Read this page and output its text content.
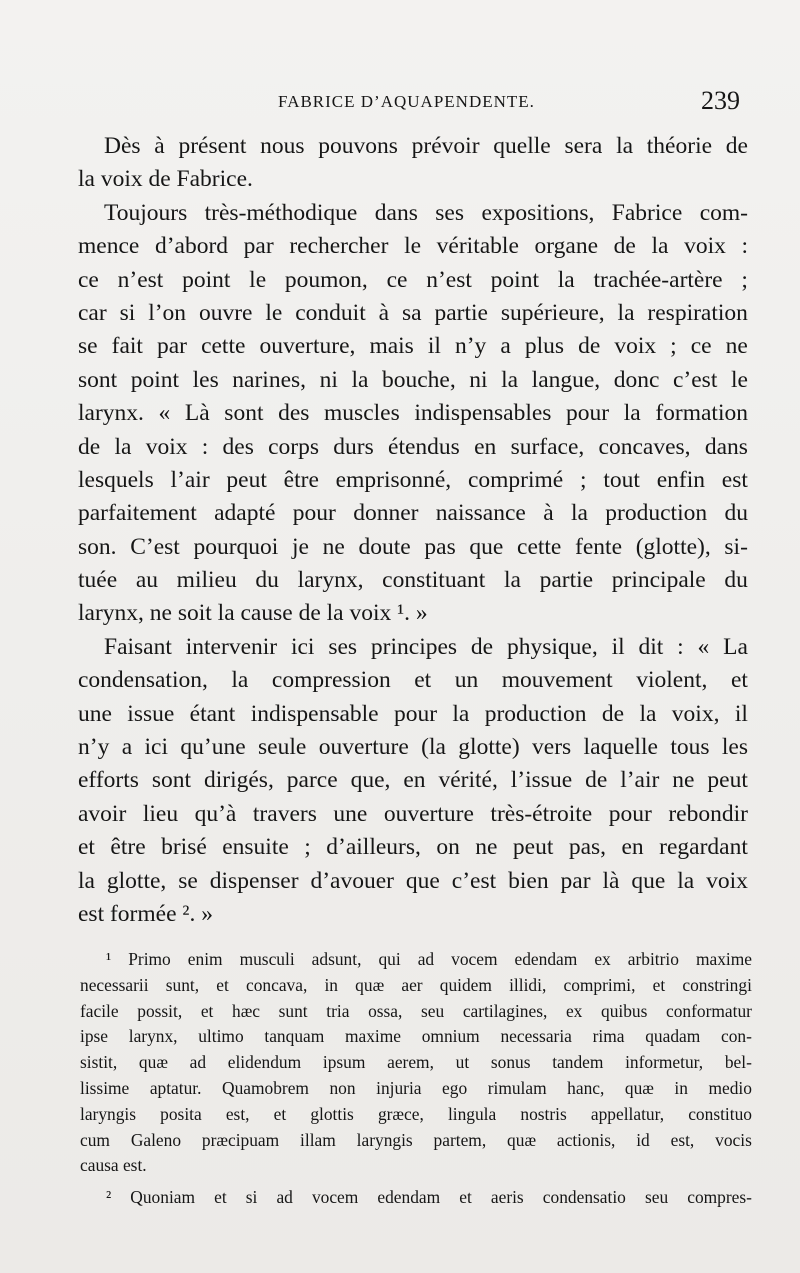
FABRICE D’AQUAPENDENTE.	239
Dès à présent nous pouvons prévoir quelle sera la théorie de
la voix de Fabrice.
Toujours très-méthodique dans ses expositions, Fabrice com-
mence d’abord par rechercher le véritable organe de la voix :
ce n’est point le poumon, ce n’est point la trachée-artère ;
car si l’on ouvre le conduit à sa partie supérieure, la respiration
se fait par cette ouverture, mais il n’y a plus de voix ; ce ne
sont point les narines, ni la bouche, ni la langue, donc c’est le
larynx. « Là sont des muscles indispensables pour la formation
de la voix : des corps durs étendus en surface, concaves, dans
lesquels l’air peut être emprisonné, comprimé ; tout enfin est
parfaitement adapté pour donner naissance à la production du
son. C’est pourquoi je ne doute pas que cette fente (glotte), si-
tuée au milieu du larynx, constituant la partie principale du
larynx, ne soit la cause de la voix ¹. »
Faisant intervenir ici ses principes de physique, il dit : « La
condensation, la compression et un mouvement violent, et
une issue étant indispensable pour la production de la voix, il
n’y a ici qu’une seule ouverture (la glotte) vers laquelle tous les
efforts sont dirigés, parce que, en vérité, l’issue de l’air ne peut
avoir lieu qu’à travers une ouverture très-étroite pour rebondir
et être brisé ensuite ; d’ailleurs, on ne peut pas, en regardant
la glotte, se dispenser d’avouer que c’est bien par là que la voix
est formée ². »
¹ Primo enim musculi adsunt, qui ad vocem edendam ex arbitrio maxime
necessarii sunt, et concava, in quæ aer quidem illidi, comprimi, et constringi
facile possit, et hæc sunt tria ossa, seu cartilagines, ex quibus conformatur
ipse larynx, ultimo tanquam maxime omnium necessaria rima quadam con-
sistit, quæ ad elidendum ipsum aerem, ut sonus tandem informetur, bel-
lissime aptatur. Quamobrem non injuria ego rimulam hanc, quæ in medio
laryngis posita est, et glottis græce, lingula nostris appellatur, constituo
cum Galeno præcipuam illam laryngis partem, quæ actionis, id est, vocis
causa est.
² Quoniam et si ad vocem edendam et aeris condensatio seu compres-
